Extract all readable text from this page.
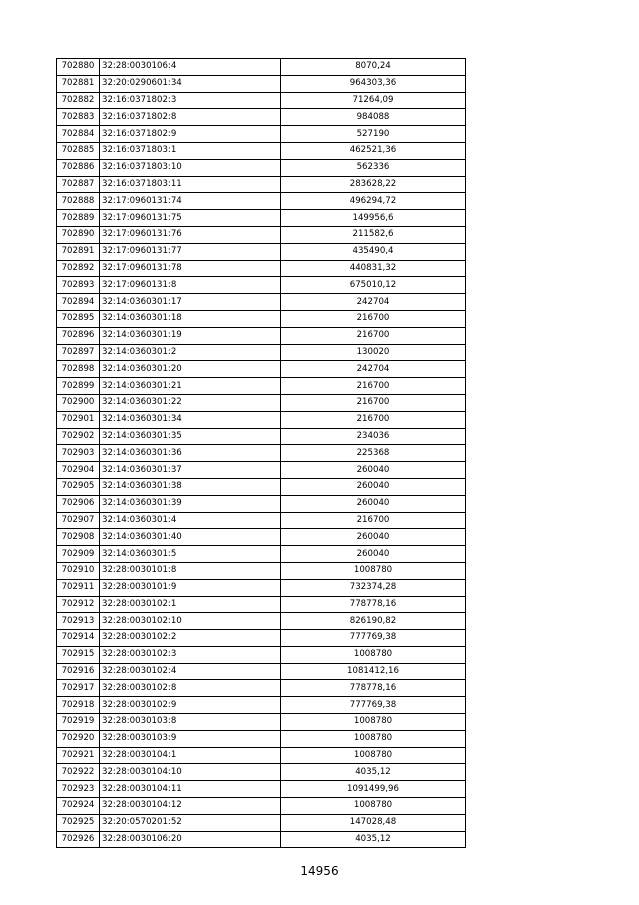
702880	32:28:0030106:4	8070,24
702881	32:20:0290601:34	964303,36
702882	32:16:0371802:3	71264,09
702883	32:16:0371802:8	984088
702884	32:16:0371802:9	527190
702885	32:16:0371803:1	462521,36
702886	32:16:0371803:10	562336
702887	32:16:0371803:11	283628,22
702888	32:17:0960131:74	496294,72
702889	32:17:0960131:75	149956,6
702890	32:17:0960131:76	211582,6
702891	32:17:0960131:77	435490,4
702892	32:17:0960131:78	440831,32
702893	32:17:0960131:8	675010,12
702894	32:14:0360301:17	242704
702895	32:14:0360301:18	216700
702896	32:14:0360301:19	216700
702897	32:14:0360301:2	130020
702898	32:14:0360301:20	242704
702899	32:14:0360301:21	216700
702900	32:14:0360301:22	216700
702901	32:14:0360301:34	216700
702902	32:14:0360301:35	234036
702903	32:14:0360301:36	225368
702904	32:14:0360301:37	260040
702905	32:14:0360301:38	260040
702906	32:14:0360301:39	260040
702907	32:14:0360301:4	216700
702908	32:14:0360301:40	260040
702909	32:14:0360301:5	260040
702910	32:28:0030101:8	1008780
702911	32:28:0030101:9	732374,28
702912	32:28:0030102:1	778778,16
702913	32:28:0030102:10	826190,82
702914	32:28:0030102:2	777769,38
702915	32:28:0030102:3	1008780
702916	32:28:0030102:4	1081412,16
702917	32:28:0030102:8	778778,16
702918	32:28:0030102:9	777769,38
702919	32:28:0030103:8	1008780
702920	32:28:0030103:9	1008780
702921	32:28:0030104:1	1008780
702922	32:28:0030104:10	4035,12
702923	32:28:0030104:11	1091499,96
702924	32:28:0030104:12	1008780
702925	32:20:0570201:52	147028,48
702926	32:28:0030106:20	4035,12
14956
